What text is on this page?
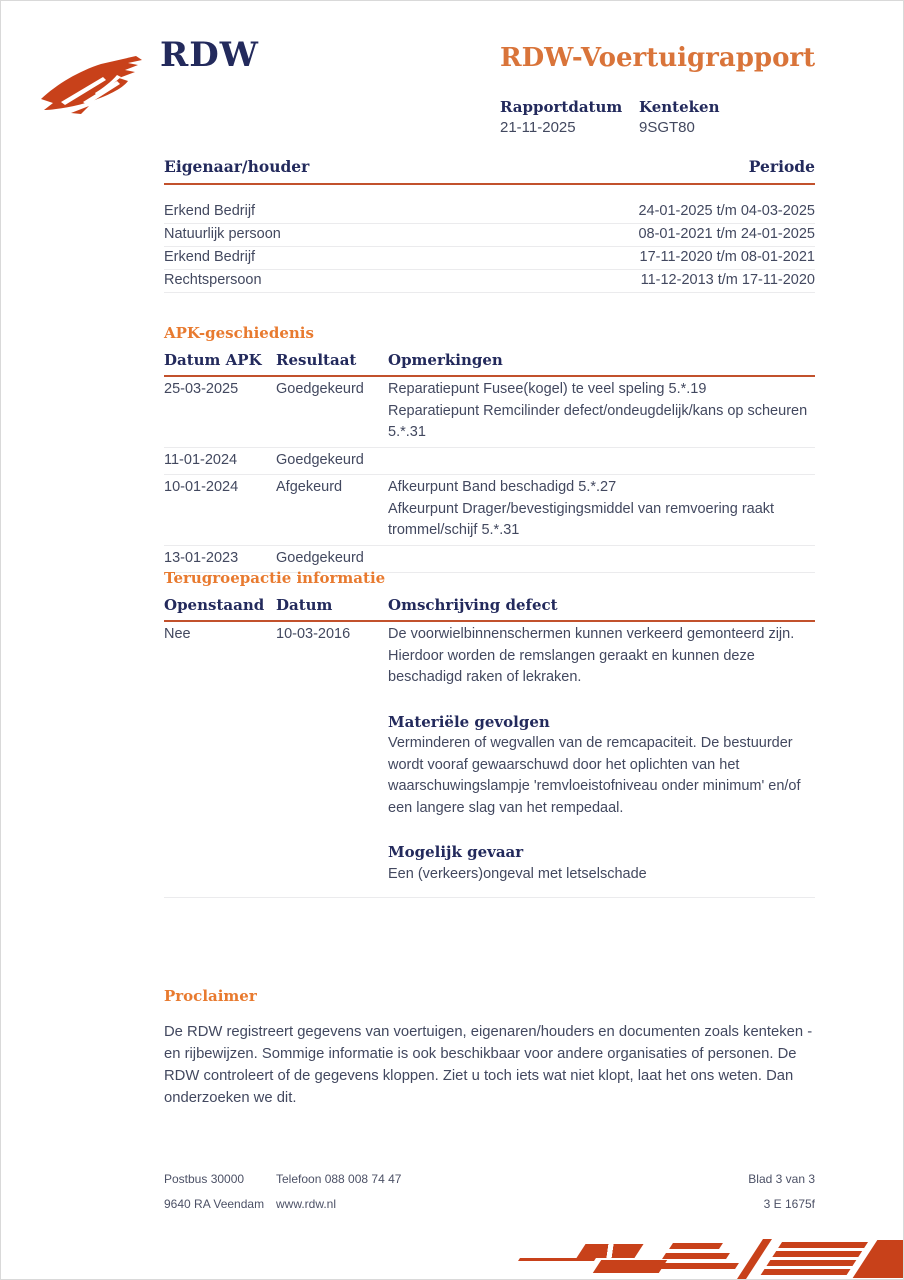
RDW	RDW-Voertuigrapport
Rapportdatum
21-11-2025
Kenteken
9SGT80
Eigenaar/houder	Periode
Erkend Bedrijf	24-01-2025 t/m 04-03-2025
Natuurlijk persoon	08-01-2021 t/m 24-01-2025
Erkend Bedrijf	17-11-2020 t/m 08-01-2021
Rechtspersoon	11-12-2013 t/m 17-11-2020
APK-geschiedenis
Datum APK Resultaat	Opmerkingen
25-03-2025	Goedgekeurd	Reparatiepunt Fusee(kogel) te veel speling 5.*.19
Reparatiepunt Remcilinder defect/ondeugdelijk/kans op scheuren 5.*.31
11-01-2024	Goedgekeurd
10-01-2024	Afgekeurd	Afkeurpunt Band beschadigd 5.*.27
Afkeurpunt Drager/bevestigingsmiddel van remvoering raakt trommel/schijf 5.*.31
13-01-2023	Goedgekeurd
Terugroepactie informatie
Openstaand Datum	Omschrijving defect
Nee	10-03-2016	De voorwielbinnenschermen kunnen verkeerd gemonteerd zijn. Hierdoor worden de remslangen geraakt en kunnen deze beschadigd raken of lekraken.
Materiële gevolgen
Verminderen of wegvallen van de remcapaciteit. De bestuurder wordt vooraf gewaarschuwd door het oplichten van het waarschuwingslampje 'remvloeistofniveau onder minimum' en/of een langere slag van het rempedaal.
Mogelijk gevaar
Een (verkeers)ongeval met letselschade
Proclaimer
De RDW registreert gegevens van voertuigen, eigenaren/houders en documenten zoals kenteken - en rijbewijzen. Sommige informatie is ook beschikbaar voor andere organisaties of personen. De RDW controleert of de gegevens kloppen. Ziet u toch iets wat niet klopt, laat het ons weten. Dan onderzoeken we dit.
Postbus 30000	Telefoon 088 008 74 47	Blad 3 van 3
9640 RA Veendam www.rdw.nl	3 E 1675f
